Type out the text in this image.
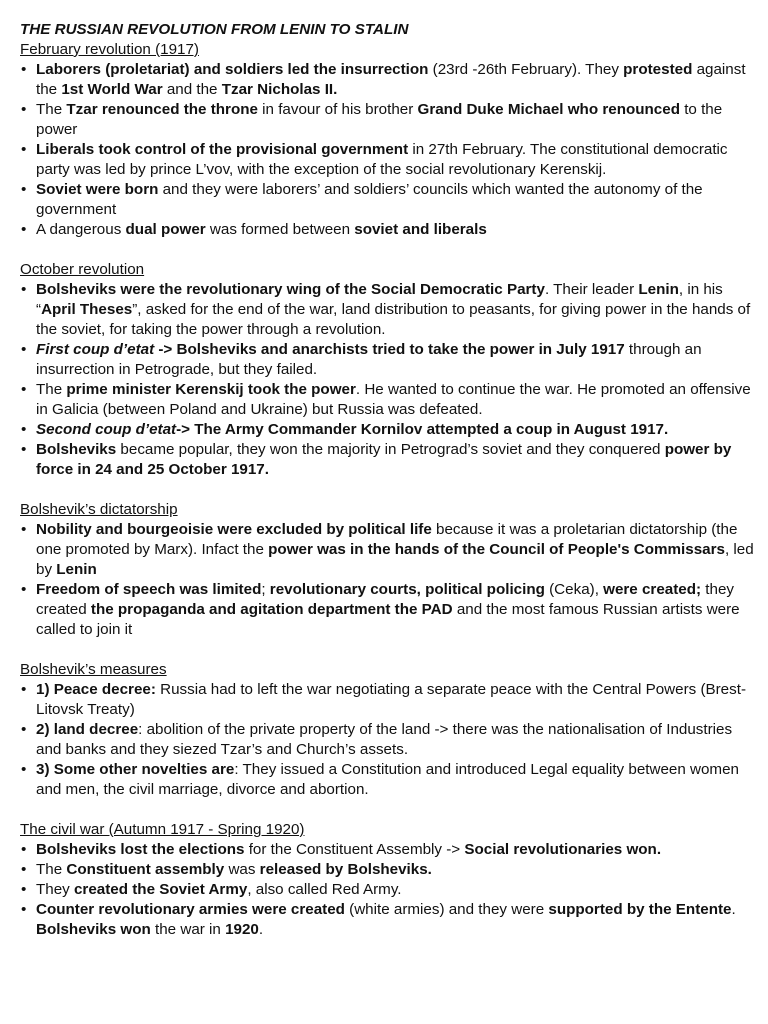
THE RUSSIAN REVOLUTION FROM LENIN TO STALIN
February revolution (1917)
• Laborers (proletariat) and soldiers led the insurrection (23rd -26th February). They protested against the 1st World War and the Tzar Nicholas II.
• The Tzar renounced the throne in favour of his brother Grand Duke Michael who renounced to the power
• Liberals took control of the provisional government in 27th February. The constitutional democratic party was led by prince L’vov, with the exception of the social revolutionary Kerenskij.
• Soviet were born and they were laborers’ and soldiers’ councils which wanted the autonomy of the government
• A dangerous dual power was formed between soviet and liberals
October revolution
• Bolsheviks were the revolutionary wing of the Social Democratic Party. Their leader Lenin, in his “April Theses”, asked for the end of the war, land distribution to peasants, for giving power in the hands of the soviet, for taking the power through a revolution.
• First coup d’etat -> Bolsheviks and anarchists tried to take the power in July 1917 through an insurrection in Petrograde, but they failed.
• The prime minister Kerenskij took the power. He wanted to continue the war. He promoted an offensive in Galicia (between Poland and Ukraine) but Russia was defeated.
• Second coup d’etat-> The Army Commander Kornilov attempted a coup in August 1917.
• Bolsheviks became popular, they won the majority in Petrograd’s soviet and they conquered power by force in 24 and 25 October 1917.
Bolshevik’s dictatorship
• Nobility and bourgeoisie were excluded by political life because it was a proletarian dictatorship (the one promoted by Marx). Infact the power was in the hands of the Council of People's Commissars, led by Lenin
• Freedom of speech was limited; revolutionary courts, political policing (Ceka), were created; they created the propaganda and agitation department the PAD and the most famous Russian artists were called to join it
Bolshevik’s measures
• 1) Peace decree: Russia had to left the war negotiating a separate peace with the Central Powers (Brest-Litovsk Treaty)
• 2) land decree: abolition of the private property of the land -> there was the nationalisation of Industries and banks and they siezed Tzar’s and Church’s assets.
• 3) Some other novelties are: They issued a Constitution and introduced Legal equality between women and men, the civil marriage, divorce and abortion.
The civil war (Autumn 1917 - Spring 1920)
• Bolsheviks lost the elections for the Constituent Assembly -> Social revolutionaries won.
• The Constituent assembly was released by Bolsheviks.
• They created the Soviet Army, also called Red Army.
• Counter revolutionary armies were created (white armies) and they were supported by the Entente. Bolsheviks won the war in 1920.
